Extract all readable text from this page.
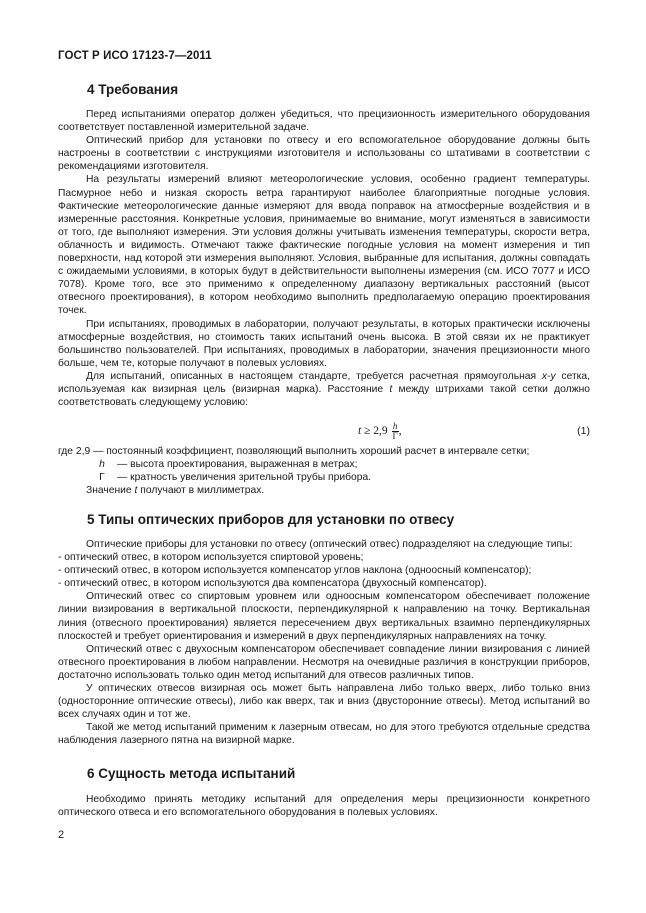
ГОСТ Р ИСО 17123-7—2011
4 Требования

Перед испытаниями оператор должен убедиться, что прецизионность измерительного оборудования соответствует поставленной измерительной задаче.

Оптический прибор для установки по отвесу и его вспомогательное оборудование должны быть настроены в соответствии с инструкциями изготовителя и использованы со штативами в соответствии с рекомендациями изготовителя.

На результаты измерений влияют метеорологические условия, особенно градиент температуры. Пасмурное небо и низкая скорость ветра гарантируют наиболее благоприятные погодные условия. Фактические метеорологические данные измеряют для ввода поправок на атмосферные воздействия и в измеренные расстояния. Конкретные условия, принимаемые во внимание, могут изменяться в зависимости от того, где выполняют измерения. Эти условия должны учитывать изменения температуры, скорости ветра, облачность и видимость. Отмечают также фактические погодные условия на момент измерения и тип поверхности, над которой эти измерения выполняют. Условия, выбранные для испытания, должны совпадать с ожидаемыми условиями, в которых будут в действительности выполнены измерения (см. ИСО 7077 и ИСО 7078). Кроме того, все это применимо к определенному диапазону вертикальных расстояний (высот отвесного проектирования), в котором необходимо выполнить предполагаемую операцию проектирования точек.

При испытаниях, проводимых в лаборатории, получают результаты, в которых практически исключены атмосферные воздействия, но стоимость таких испытаний очень высока. В этой связи их не практикует большинство пользователей. При испытаниях, проводимых в лаборатории, значения прецизионности много больше, чем те, которые получают в полевых условиях.

Для испытаний, описанных в настоящем стандарте, требуется расчетная прямоугольная x-y сетка, используемая как визирная цель (визирная марка). Расстояние t между штрихами такой сетки должно соответствовать следующему условию:

$t \ge 2,9 \frac{h}{\Gamma}$ ,	(1)
где 2,9 — постоянный коэффициент, позволяющий выполнить хороший расчет в интервале сетки;
h — высота проектирования, выраженная в метрах;
Γ — кратность увеличения зрительной трубы прибора.
Значение t получают в миллиметрах.
5 Типы оптических приборов для установки по отвесу

Оптические приборы для установки по отвесу (оптический отвес) подразделяют на следующие типы:

- оптический отвес, в котором используется спиртовой уровень;

- оптический отвес, в котором используется компенсатор углов наклона (одноосный компенсатор);

- оптический отвес, в котором используются два компенсатора (двухосный компенсатор).

Оптический отвес со спиртовым уровнем или одноосным компенсатором обеспечивает положение линии визирования в вертикальной плоскости, перпендикулярной к направлению на точку. Вертикальная линия (отвесного проектирования) является пересечением двух вертикальных взаимно перпендикулярных плоскостей и требует ориентирования и измерений в двух перпендикулярных направлениях на точку.

Оптический отвес с двухосным компенсатором обеспечивает совпадение линии визирования с линией отвесного проектирования в любом направлении. Несмотря на очевидные различия в конструкции приборов, достаточно использовать только один метод испытаний для отвесов различных типов.

У оптических отвесов визирная ось может быть направлена либо только вверх, либо только вниз (односторонние оптические отвесы), либо как вверх, так и вниз (двусторонние отвесы). Метод испытаний во всех случаях один и тот же.

Такой же метод испытаний применим к лазерным отвесам, но для этого требуются отдельные средства наблюдения лазерного пятна на визирной марке.

6 Сущность метода испытаний

Необходимо принять методику испытаний для определения меры прецизионности конкретного оптического отвеса и его вспомогательного оборудования в полевых условиях.

2
